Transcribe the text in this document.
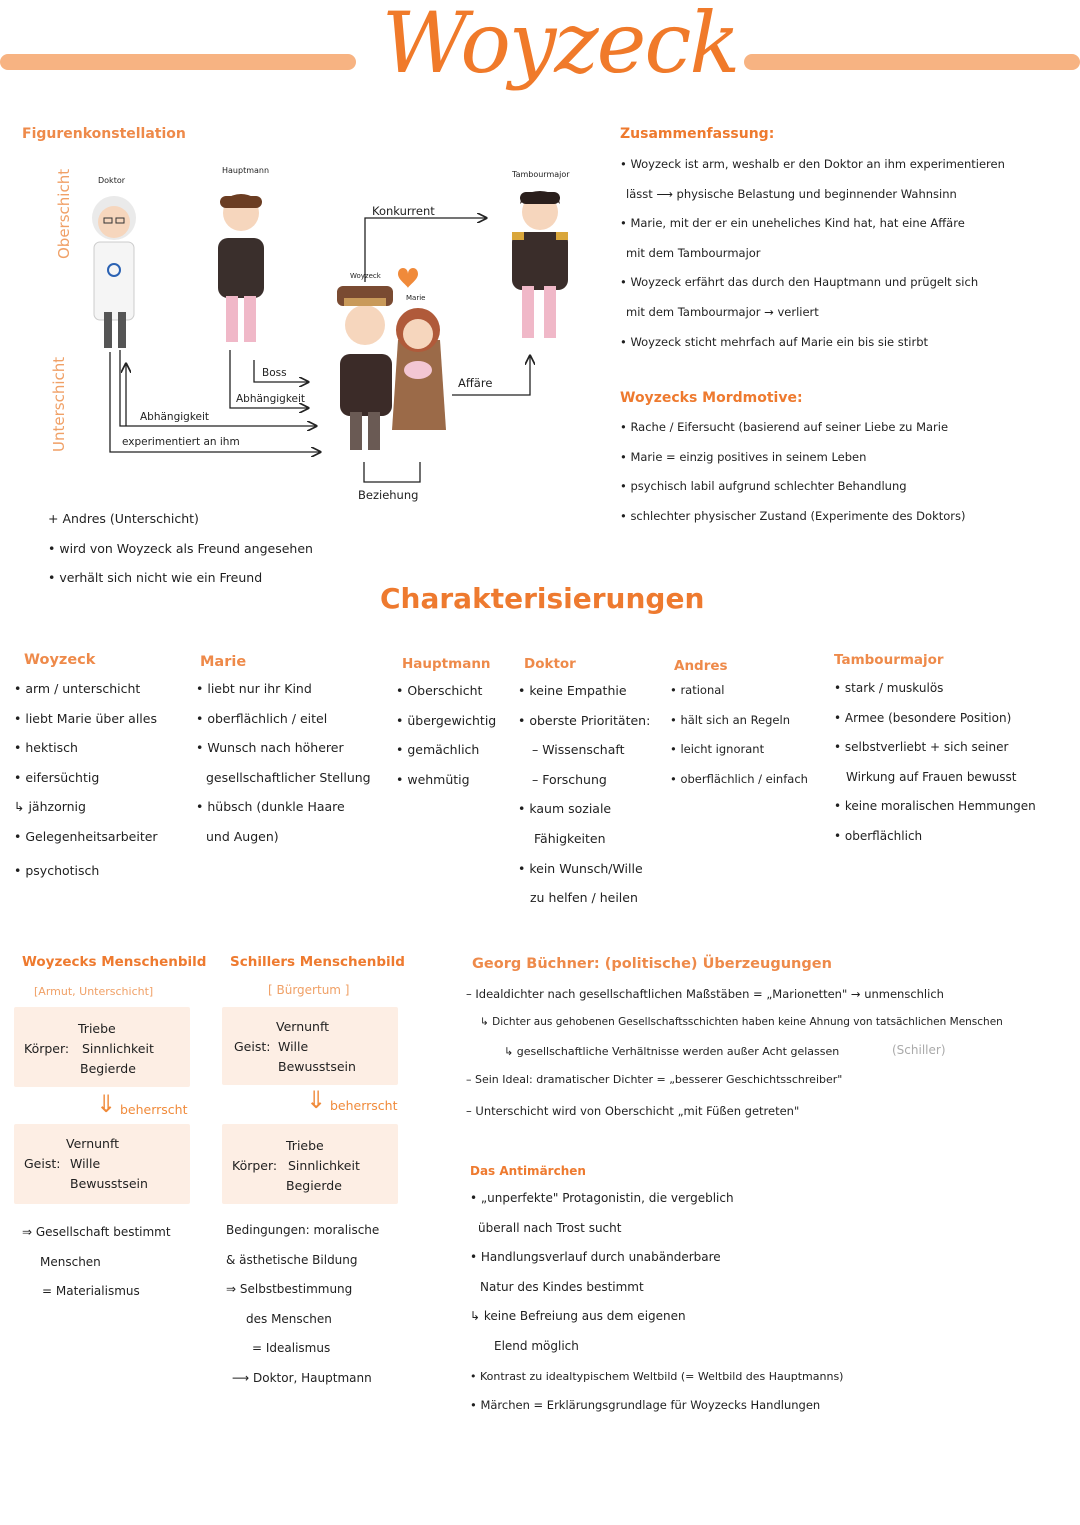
Woyzeck
Figurenkonstellation
Oberschicht
Unterschicht
Doktor
Hauptmann	Tambourmajor
Woyzeck
Marie
Konkurrent
Boss
Abhängigkeit
Abhängigkeit
experimentiert an ihm
Affäre
Beziehung
+ Andres (Unterschicht)
• wird von Woyzeck als Freund angesehen
• verhält sich nicht wie ein Freund
Zusammenfassung:
• Woyzeck ist arm, weshalb er den Doktor an ihm experimentieren
lässt ⟶ physische Belastung und beginnender Wahnsinn
• Marie, mit der er ein uneheliches Kind hat, hat eine Affäre
mit dem Tambourmajor
• Woyzeck erfährt das durch den Hauptmann und prügelt sich
mit dem Tambourmajor → verliert
• Woyzeck sticht mehrfach auf Marie ein bis sie stirbt
Woyzecks Mordmotive:
• Rache / Eifersucht (basierend auf seiner Liebe zu Marie
• Marie = einzig positives in seinem Leben
• psychisch labil aufgrund schlechter Behandlung
• schlechter physischer Zustand (Experimente des Doktors)
Charakterisierungen
Woyzeck
• arm / unterschicht
• liebt Marie über alles
• hektisch
• eifersüchtig
↳ jähzornig
• Gelegenheitsarbeiter
• psychotisch
Marie
• liebt nur ihr Kind
• oberflächlich / eitel
• Wunsch nach höherer
gesellschaftlicher Stellung
• hübsch (dunkle Haare
und Augen)
Hauptmann
• Oberschicht
• übergewichtig
• gemächlich
• wehmütig
Doktor
• keine Empathie
• oberste Prioritäten:
– Wissenschaft
– Forschung
• kaum soziale
Fähigkeiten
• kein Wunsch/Wille
zu helfen / heilen
Andres
• rational
• hält sich an Regeln
• leicht ignorant
• oberflächlich / einfach
Tambourmajor
• stark / muskulös
• Armee (besondere Position)
• selbstverliebt + sich seiner
Wirkung auf Frauen bewusst
• keine moralischen Hemmungen
• oberflächlich
Woyzecks Menschenbild
[Armut, Unterschicht]
Körper:
Triebe
Sinnlichkeit
Begierde
⇓ beherrscht
Geist:
Vernunft
Wille
Bewusstsein
⇒ Gesellschaft bestimmt
Menschen
= Materialismus
Schillers Menschenbild
[ Bürgertum ]
Geist:
Vernunft
Wille
Bewusstsein
⇓ beherrscht
Körper:
Triebe
Sinnlichkeit
Begierde
Bedingungen: moralische
& ästhetische Bildung
⇒ Selbstbestimmung
des Menschen
= Idealismus
⟶ Doktor, Hauptmann
Georg Büchner: (politische) Überzeugungen
– Idealdichter nach gesellschaftlichen Maßstäben = „Marionetten" → unmenschlich
↳ Dichter aus gehobenen Gesellschaftsschichten haben keine Ahnung von tatsächlichen Menschen
↳ gesellschaftliche Verhältnisse werden außer Acht gelassen	(Schiller)
– Sein Ideal: dramatischer Dichter = „besserer Geschichtsschreiber"
– Unterschicht wird von Oberschicht „mit Füßen getreten"
Das Antimärchen
• „unperfekte" Protagonistin, die vergeblich
überall nach Trost sucht
• Handlungsverlauf durch unabänderbare
Natur des Kindes bestimmt
↳ keine Befreiung aus dem eigenen
Elend möglich
• Kontrast zu idealtypischem Weltbild (= Weltbild des Hauptmanns)
• Märchen = Erklärungsgrundlage für Woyzecks Handlungen
